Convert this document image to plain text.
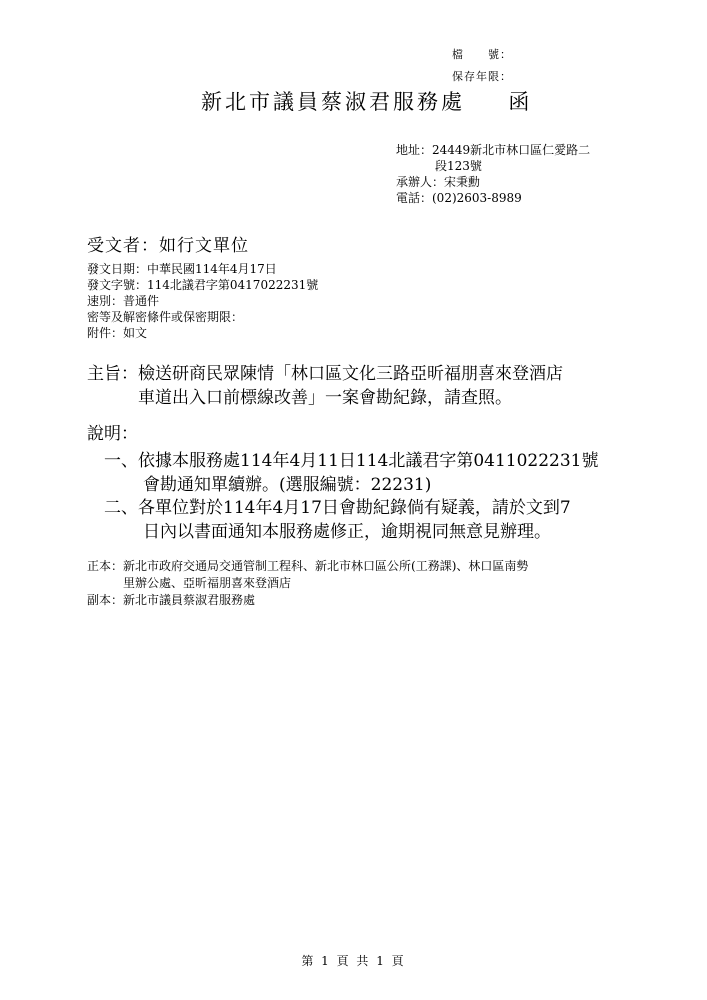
檔　　號：
保存年限：
新北市議員蔡淑君服務處 函
地址：24449新北市林口區仁愛路二
段123號
承辦人：宋秉勳
電話：(02)2603-8989
受文者：如行文單位
發文日期：中華民國114年4月17日
發文字號：114北議君字第0417022231號
速別：普通件
密等及解密條件或保密期限：
附件：如文
主旨：檢送研商民眾陳情「林口區文化三路亞昕福朋喜來登酒店
車道出入口前標線改善」一案會勘紀錄，請查照。
說明：
一、依據本服務處114年4月11日114北議君字第0411022231號
會勘通知單續辦。(選服編號：22231)
二、各單位對於114年4月17日會勘紀錄倘有疑義，請於文到7
日內以書面通知本服務處修正，逾期視同無意見辦理。
正本：新北市政府交通局交通管制工程科、新北市林口區公所(工務課)、林口區南勢
里辦公處、亞昕福朋喜來登酒店
副本：新北市議員蔡淑君服務處
第 1 頁 共 1 頁
